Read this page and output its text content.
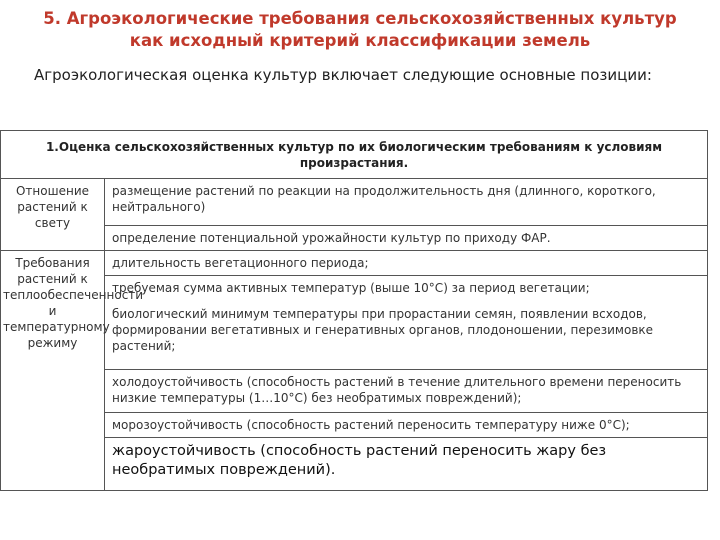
5. Агроэкологические требования сельскохозяйственных культур
как исходный критерий классификации земель
Агроэкологическая оценка культур включает следующие основные позиции:
1.Оценка сельскохозяйственных культур по их биологическим требованиям к условиям произрастания.	
Отношение растений к свету	размещение растений по реакции на продолжительность дня (длинного, короткого, нейтрального)
	определение потенциальной урожайности культур по приходу ФАР.
Требования растений к теплообеспеченности и температурному режиму	длительность вегетационного периода;
	требуемая сумма активных температур (выше 10°С) за период вегетации;
	биологический минимум температуры при прорастании семян, появлении всходов, формировании вегетативных и генеративных органов, плодоношении, перезимовке растений;
	холодоустойчивость (способность растений в течение длительного времени переносить низкие температуры (1…10°С) без необратимых повреждений);
	морозоустойчивость (способность растений переносить температуру ниже 0°С);
	жароустойчивость (способность растений переносить жару без необратимых повреждений).
